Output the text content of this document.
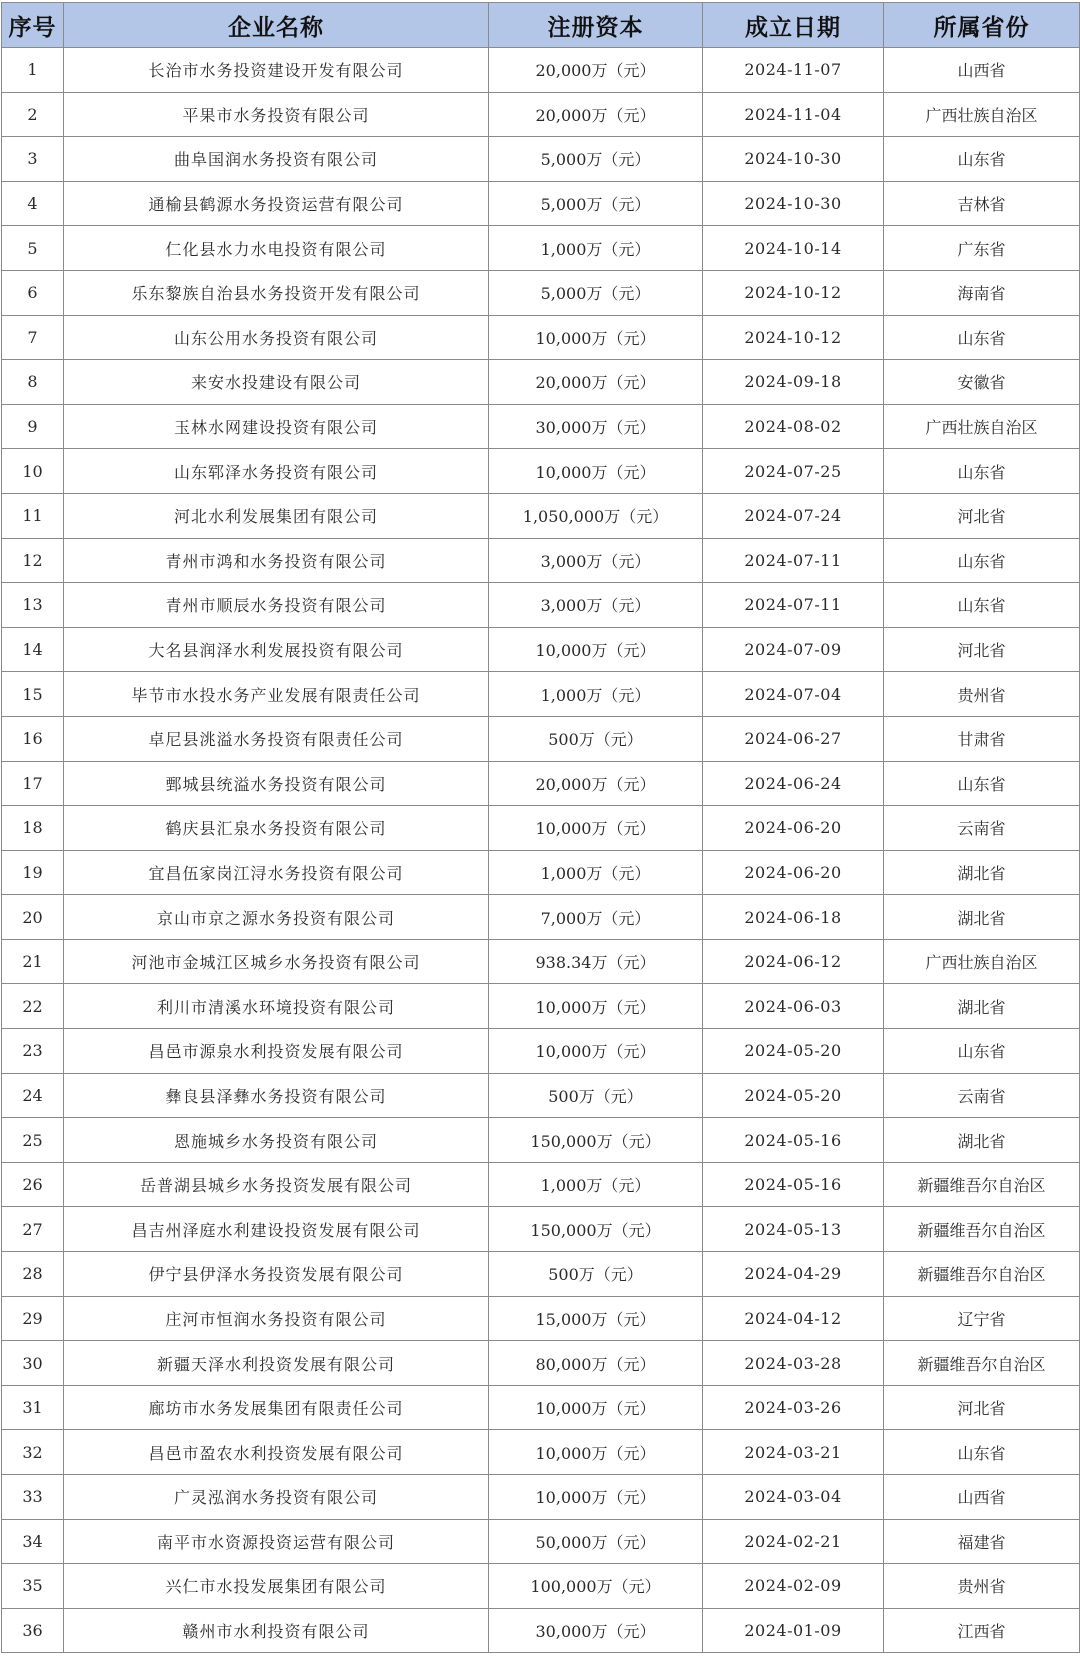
序号	企业名称	注册资本	成立日期	所属省份
1	长治市水务投资建设开发有限公司	20,000万（元）	2024-11-07	山西省
2	平果市水务投资有限公司	20,000万（元）	2024-11-04	广西壮族自治区
3	曲阜国润水务投资有限公司	5,000万（元）	2024-10-30	山东省
4	通榆县鹤源水务投资运营有限公司	5,000万（元）	2024-10-30	吉林省
5	仁化县水力水电投资有限公司	1,000万（元）	2024-10-14	广东省
6	乐东黎族自治县水务投资开发有限公司	5,000万（元）	2024-10-12	海南省
7	山东公用水务投资有限公司	10,000万（元）	2024-10-12	山东省
8	来安水投建设有限公司	20,000万（元）	2024-09-18	安徽省
9	玉林水网建设投资有限公司	30,000万（元）	2024-08-02	广西壮族自治区
10	山东郓泽水务投资有限公司	10,000万（元）	2024-07-25	山东省
11	河北水利发展集团有限公司	1,050,000万（元）	2024-07-24	河北省
12	青州市鸿和水务投资有限公司	3,000万（元）	2024-07-11	山东省
13	青州市顺辰水务投资有限公司	3,000万（元）	2024-07-11	山东省
14	大名县润泽水利发展投资有限公司	10,000万（元）	2024-07-09	河北省
15	毕节市水投水务产业发展有限责任公司	1,000万（元）	2024-07-04	贵州省
16	卓尼县洮溢水务投资有限责任公司	500万（元）	2024-06-27	甘肃省
17	鄄城县统溢水务投资有限公司	20,000万（元）	2024-06-24	山东省
18	鹤庆县汇泉水务投资有限公司	10,000万（元）	2024-06-20	云南省
19	宜昌伍家岗江浔水务投资有限公司	1,000万（元）	2024-06-20	湖北省
20	京山市京之源水务投资有限公司	7,000万（元）	2024-06-18	湖北省
21	河池市金城江区城乡水务投资有限公司	938.34万（元）	2024-06-12	广西壮族自治区
22	利川市清溪水环境投资有限公司	10,000万（元）	2024-06-03	湖北省
23	昌邑市源泉水利投资发展有限公司	10,000万（元）	2024-05-20	山东省
24	彝良县泽彝水务投资有限公司	500万（元）	2024-05-20	云南省
25	恩施城乡水务投资有限公司	150,000万（元）	2024-05-16	湖北省
26	岳普湖县城乡水务投资发展有限公司	1,000万（元）	2024-05-16	新疆维吾尔自治区
27	昌吉州泽庭水利建设投资发展有限公司	150,000万（元）	2024-05-13	新疆维吾尔自治区
28	伊宁县伊泽水务投资发展有限公司	500万（元）	2024-04-29	新疆维吾尔自治区
29	庄河市恒润水务投资有限公司	15,000万（元）	2024-04-12	辽宁省
30	新疆天泽水利投资发展有限公司	80,000万（元）	2024-03-28	新疆维吾尔自治区
31	廊坊市水务发展集团有限责任公司	10,000万（元）	2024-03-26	河北省
32	昌邑市盈农水利投资发展有限公司	10,000万（元）	2024-03-21	山东省
33	广灵泓润水务投资有限公司	10,000万（元）	2024-03-04	山西省
34	南平市水资源投资运营有限公司	50,000万（元）	2024-02-21	福建省
35	兴仁市水投发展集团有限公司	100,000万（元）	2024-02-09	贵州省
36	赣州市水利投资有限公司	30,000万（元）	2024-01-09	江西省
